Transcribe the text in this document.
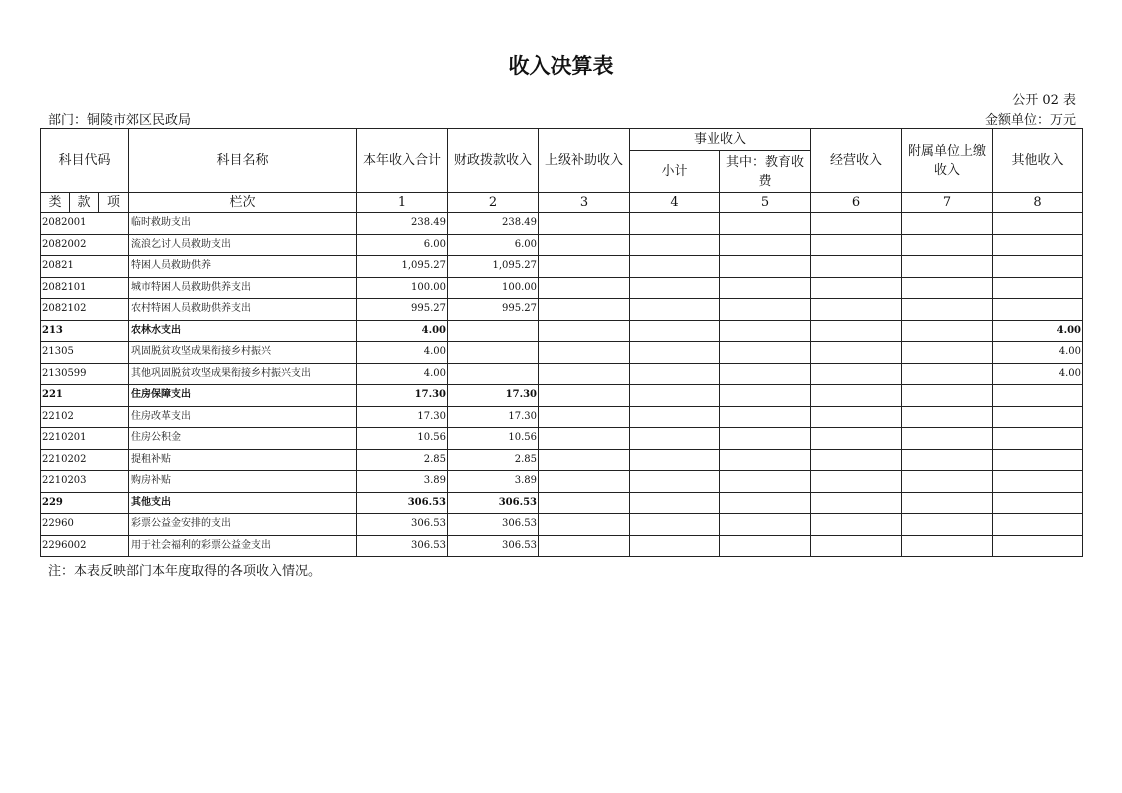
收入决算表
公开 02 表
部门：铜陵市郊区民政局	金额单位：万元
科目代码			科目名称	本年收入合计	财政拨款收入	上级补助收入	事业收入		经营收入	附属单位上缴收入	其他收入
							小计	其中：教育收费			
类	款	项	栏次	1	2	3	4	5	6	7	8
2082001			临时救助支出	238.49	238.49						
2082002			流浪乞讨人员救助支出	6.00	6.00						
20821			特困人员救助供养	1,095.27	1,095.27						
2082101			城市特困人员救助供养支出	100.00	100.00						
2082102			农村特困人员救助供养支出	995.27	995.27						
213			农林水支出	4.00							4.00
21305			巩固脱贫攻坚成果衔接乡村振兴	4.00							4.00
2130599			其他巩固脱贫攻坚成果衔接乡村振兴支出	4.00							4.00
221			住房保障支出	17.30	17.30						
22102			住房改革支出	17.30	17.30						
2210201			住房公积金	10.56	10.56						
2210202			提租补贴	2.85	2.85						
2210203			购房补贴	3.89	3.89						
229			其他支出	306.53	306.53						
22960			彩票公益金安排的支出	306.53	306.53						
2296002			用于社会福利的彩票公益金支出	306.53	306.53						
注：本表反映部门本年度取得的各项收入情况。
